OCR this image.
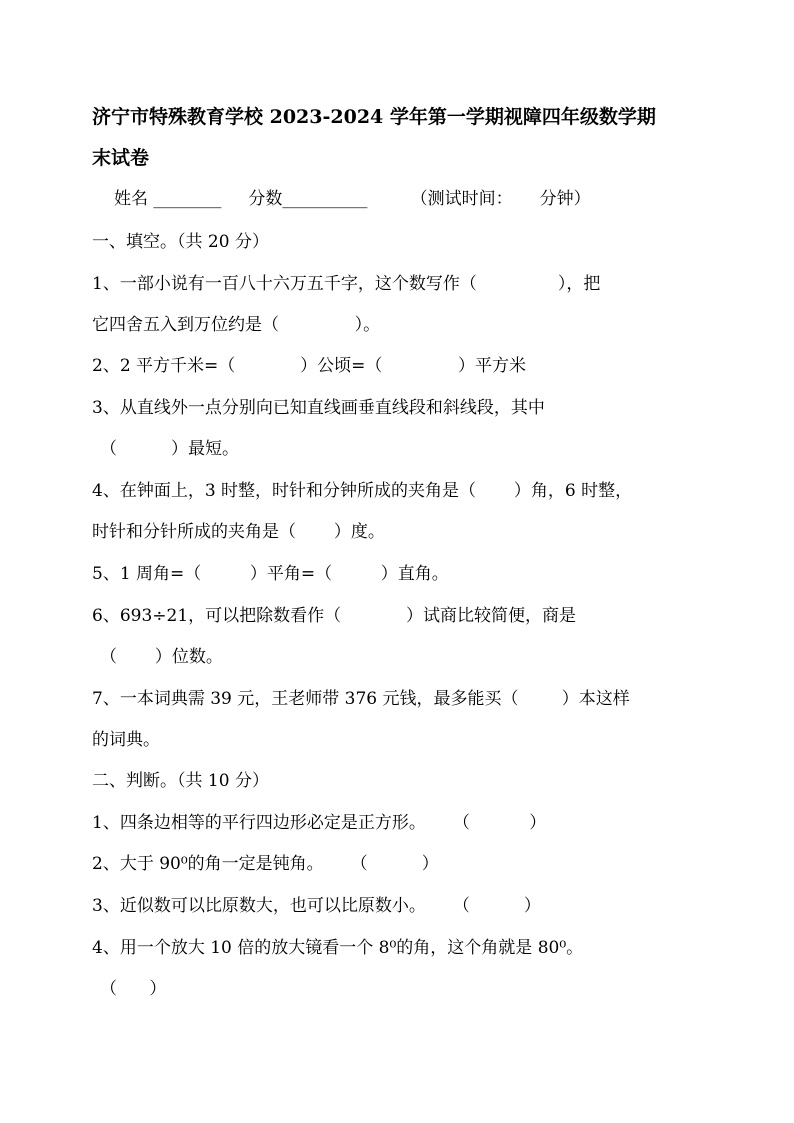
济宁市特殊教育学校 2023-2024 学年第一学期视障四年级数学期
末试卷
姓名 ________     分数__________        （测试时间：     分钟）
一、填空。（共 20 分）
1、一部小说有一百八十六万五千字，这个数写作（               ），把
它四舍五入到万位约是（              ）。
2、2 平方千米=（            ）公顷=（              ）平方米
3、从直线外一点分别向已知直线画垂直线段和斜线段，其中
（          ）最短。
4、在钟面上，3 时整，时针和分钟所成的夹角是（       ）角，6 时整，
时针和分针所成的夹角是（       ）度。
5、1 周角=（         ）平角=（         ）直角。
6、693÷21，可以把除数看作（            ）试商比较简便，商是
（       ）位数。
7、一本词典需 39 元，王老师带 376 元钱，最多能买（        ）本这样
的词典。
二、判断。（共 10 分）
1、四条边相等的平行四边形必定是正方形。     （           ）
2、大于 90⁰的角一定是钝角。     （          ）
3、近似数可以比原数大，也可以比原数小。     （          ）
4、用一个放大 10 倍的放大镜看一个 8⁰的角，这个角就是 80⁰。
（      ）
